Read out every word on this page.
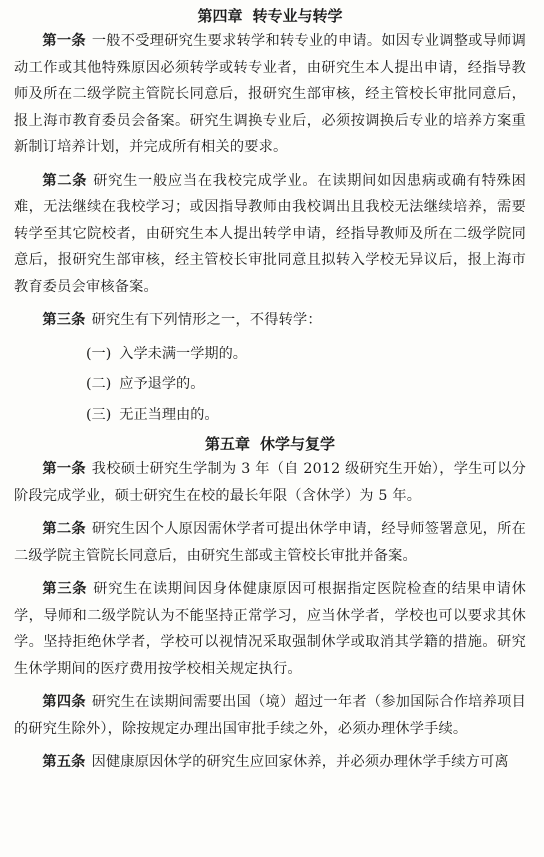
第四章 转专业与转学

第一条 一般不受理研究生要求转学和转专业的申请。如因专业调整或导师调动工作或其他特殊原因必须转学或转专业者，由研究生本人提出申请，经指导教师及所在二级学院主管院长同意后，报研究生部审核，经主管校长审批同意后，报上海市教育委员会备案。研究生调换专业后，必须按调换后专业的培养方案重新制订培养计划，并完成所有相关的要求。

第二条 研究生一般应当在我校完成学业。在读期间如因患病或确有特殊困难，无法继续在我校学习；或因指导教师由我校调出且我校无法继续培养，需要转学至其它院校者，由研究生本人提出转学申请，经指导教师及所在二级学院同意后，报研究生部审核，经主管校长审批同意且拟转入学校无异议后，报上海市教育委员会审核备案。

第三条 研究生有下列情形之一，不得转学：

(一) 入学未满一学期的。
(二) 应予退学的。
(三) 无正当理由的。
第五章 休学与复学

第一条 我校硕士研究生学制为 3 年（自 2012 级研究生开始），学生可以分阶段完成学业，硕士研究生在校的最长年限（含休学）为 5 年。

第二条 研究生因个人原因需休学者可提出休学申请，经导师签署意见，所在二级学院主管院长同意后，由研究生部或主管校长审批并备案。

第三条 研究生在读期间因身体健康原因可根据指定医院检查的结果申请休学，导师和二级学院认为不能坚持正常学习，应当休学者，学校也可以要求其休学。坚持拒绝休学者，学校可以视情况采取强制休学或取消其学籍的措施。研究生休学期间的医疗费用按学校相关规定执行。

第四条 研究生在读期间需要出国（境）超过一年者（参加国际合作培养项目的研究生除外），除按规定办理出国审批手续之外，必须办理休学手续。

第五条 因健康原因休学的研究生应回家休养，并必须办理休学手续方可离
